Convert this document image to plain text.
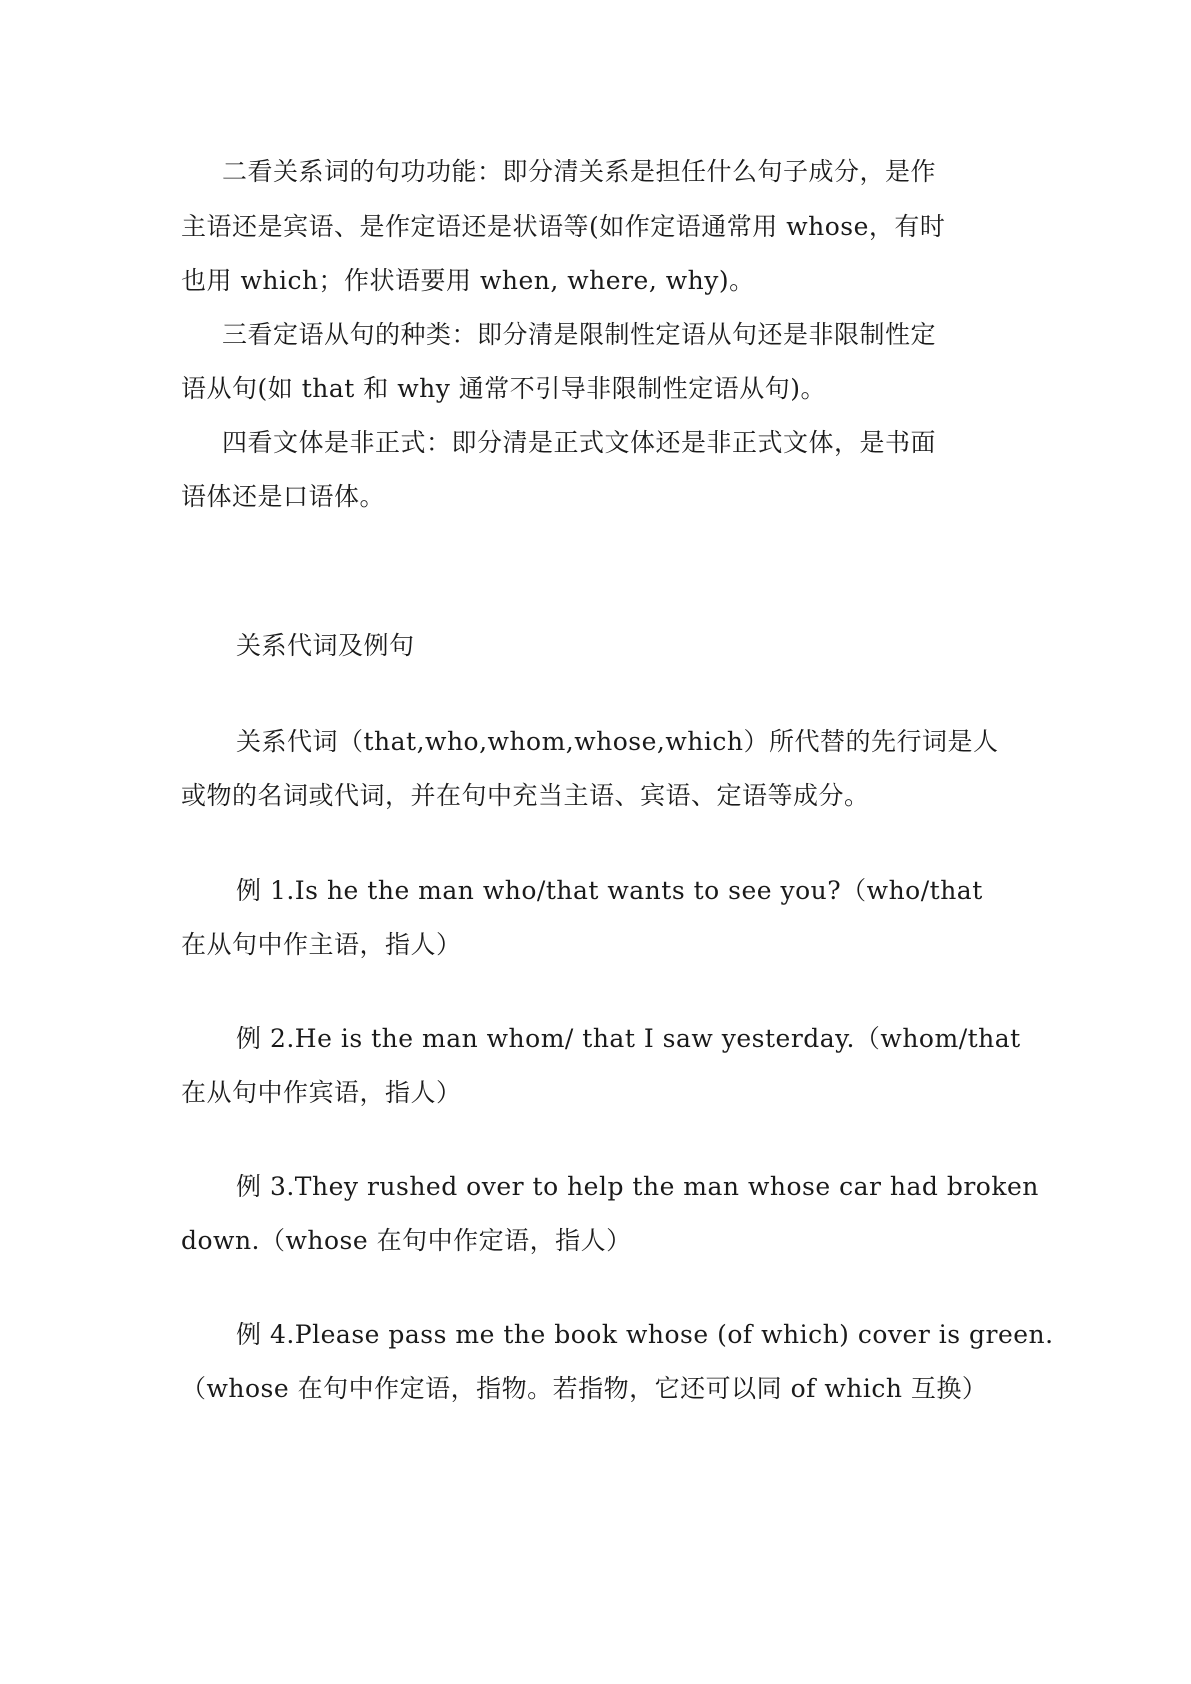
二看关系词的句功功能：即分清关系是担任什么句子成分，是作
主语还是宾语、是作定语还是状语等(如作定语通常用 whose，有时
也用 which；作状语要用 when, where, why)。
三看定语从句的种类：即分清是限制性定语从句还是非限制性定
语从句(如 that 和 why 通常不引导非限制性定语从句)。
四看文体是非正式：即分清是正式文体还是非正式文体，是书面
语体还是口语体。
关系代词及例句
关系代词（that,who,whom,whose,which）所代替的先行词是人
或物的名词或代词，并在句中充当主语、宾语、定语等成分。
例 1.Is he the man who/that wants to see you?（who/that
在从句中作主语，指人）
例 2.He is the man whom/ that I saw yesterday.（whom/that
在从句中作宾语，指人）
例 3.They rushed over to help the man whose car had broken
down.（whose 在句中作定语，指人）
例 4.Please pass me the book whose (of which) cover is green.
（whose 在句中作定语，指物。若指物，它还可以同 of which 互换）
